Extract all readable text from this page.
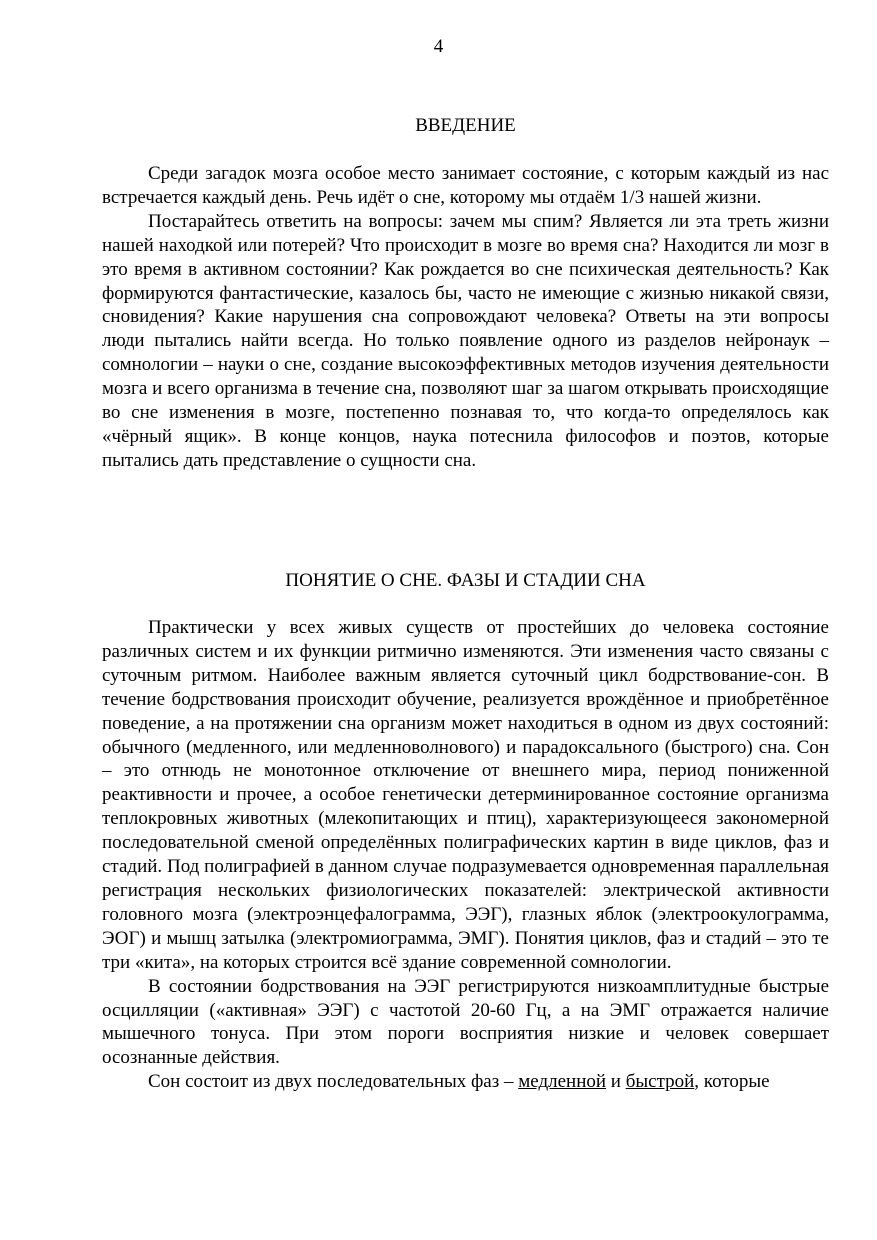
4
ВВЕДЕНИЕ

Среди загадок мозга особое место занимает состояние, с которым каждый из нас встречается каждый день. Речь идёт о сне, которому мы отдаём 1/3 нашей жизни.

Постарайтесь ответить на вопросы: зачем мы спим? Является ли эта треть жизни нашей находкой или потерей? Что происходит в мозге во время сна? Находится ли мозг в это время в активном состоянии? Как рождается во сне психическая деятельность? Как формируются фантастические, казалось бы, часто не имеющие с жизнью никакой связи, сновидения? Какие нарушения сна сопровождают человека? Ответы на эти вопросы люди пытались найти всегда. Но только появление одного из разделов нейронаук – сомнологии – науки о сне, создание высокоэффективных методов изучения деятельности мозга и всего организма в течение сна, позволяют шаг за шагом открывать происходящие во сне изменения в мозге, постепенно познавая то, что когда-то определялось как «чёрный ящик». В конце концов, наука потеснила философов и поэтов, которые пытались дать представление о сущности сна.

ПОНЯТИЕ О СНЕ. ФАЗЫ И СТАДИИ СНА

Практически у всех живых существ от простейших до человека состояние различных систем и их функции ритмично изменяются. Эти изменения часто связаны с суточным ритмом. Наиболее важным является суточный цикл бодрствование-сон. В течение бодрствования происходит обучение, реализуется врождённое и приобретённое поведение, а на протяжении сна организм может находиться в одном из двух состояний: обычного (медленного, или медленноволнового) и парадоксального (быстрого) сна. Сон – это отнюдь не монотонное отключение от внешнего мира, период пониженной реактивности и прочее, а особое генетически детерминированное состояние организма теплокровных животных (млекопитающих и птиц), характеризующееся закономерной последовательной сменой определённых полиграфических картин в виде циклов, фаз и стадий. Под полиграфией в данном случае подразумевается одновременная параллельная регистрация нескольких физиологических показателей: электрической активности головного мозга (электроэнцефалограмма, ЭЭГ), глазных яблок (электроокулограмма, ЭОГ) и мышц затылка (электромиограмма, ЭМГ). Понятия циклов, фаз и стадий – это те три «кита», на которых строится всё здание современной сомнологии.

В состоянии бодрствования на ЭЭГ регистрируются низкоамплитудные быстрые осцилляции («активная» ЭЭГ) с частотой 20-60 Гц, а на ЭМГ отражается наличие мышечного тонуса. При этом пороги восприятия низкие и человек совершает осознанные действия.

Сон состоит из двух последовательных фаз – медленной и быстрой, которые
